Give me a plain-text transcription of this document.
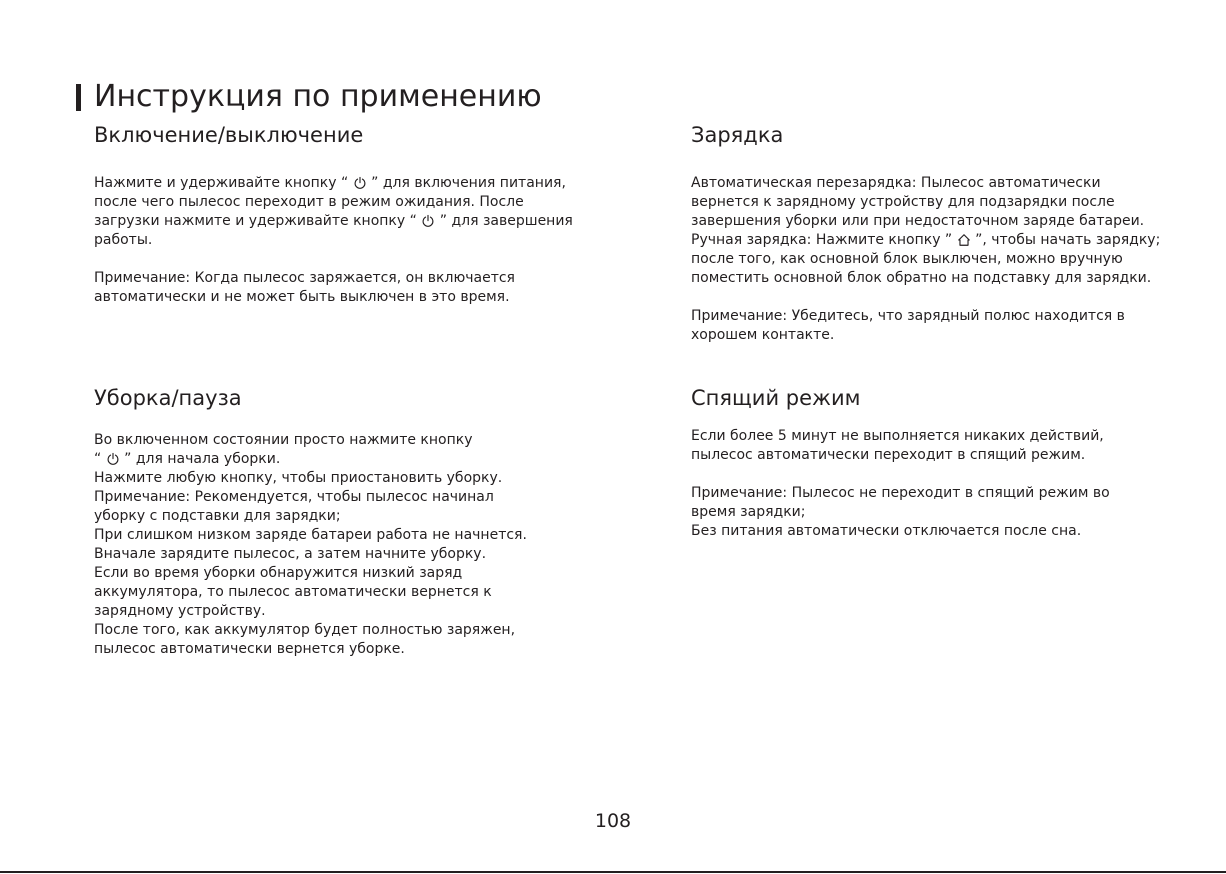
Инструкция по применению
Включение/выключение

Нажмите и удерживайте кнопку “
” для включения питания,

после чего пылесос переходит в режим ожидания. После

загрузки нажмите и удерживайте кнопку “
” для завершения

работы.

Примечание: Когда пылесос заряжается, он включается

автоматически и не может быть выключен в это время.

Зарядка

Автоматическая перезарядка: Пылесос автоматически

вернется к зарядному устройству для подзарядки после

завершения уборки или при недостаточном заряде батареи.

Ручная зарядка: Нажмите кнопку ”
”, чтобы начать зарядку;

после того, как основной блок выключен, можно вручную

поместить основной блок обратно на подставку для зарядки.

Примечание: Убедитесь, что зарядный полюс находится в

хорошем контакте.

Уборка/пауза

Во включенном состоянии просто нажмите кнопку

“
” для начала уборки.

Нажмите любую кнопку, чтобы приостановить уборку.

Примечание: Рекомендуется, чтобы пылесос начинал

уборку с подставки для зарядки;

При слишком низком заряде батареи работа не начнется.

Вначале зарядите пылесос, а затем начните уборку.

Если во время уборки обнаружится низкий заряд

аккумулятора, то пылесос автоматически вернется к

зарядному устройству.

После того, как аккумулятор будет полностью заряжен,

пылесос автоматически вернется уборке.

Спящий режим

Если более 5 минут не выполняется никаких действий,

пылесос автоматически переходит в спящий режим.

Примечание: Пылесос не переходит в спящий режим во

время зарядки;

Без питания автоматически отключается после сна.

108
